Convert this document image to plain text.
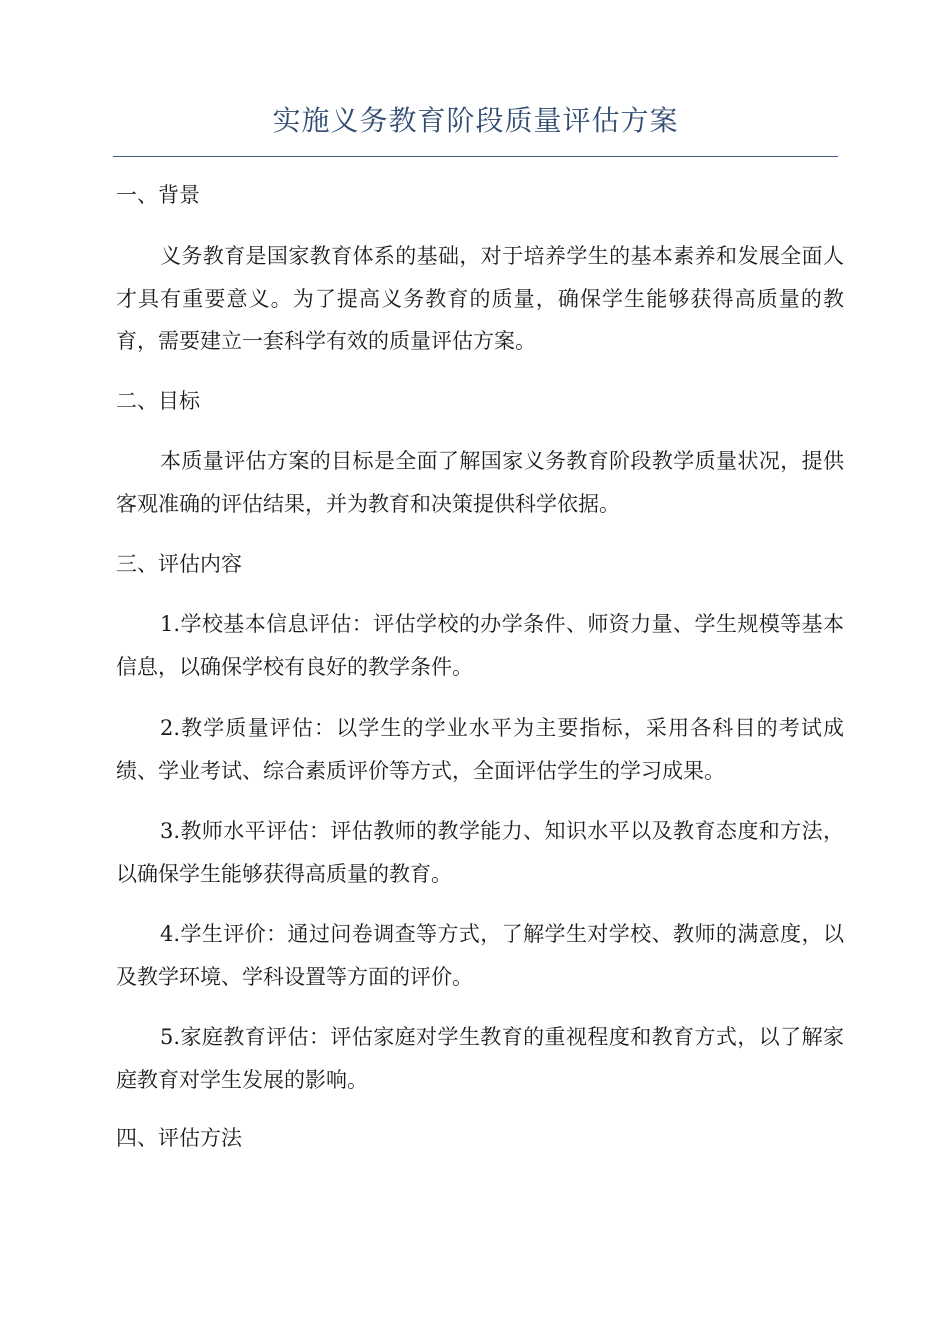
实施义务教育阶段质量评估方案
一、背景

义务教育是国家教育体系的基础，对于培养学生的基本素养和发展全面人才具有重要意义。为了提高义务教育的质量，确保学生能够获得高质量的教育，需要建立一套科学有效的质量评估方案。

二、目标

本质量评估方案的目标是全面了解国家义务教育阶段教学质量状况，提供客观准确的评估结果，并为教育和决策提供科学依据。

三、评估内容

1.学校基本信息评估：评估学校的办学条件、师资力量、学生规模等基本信息，以确保学校有良好的教学条件。

2.教学质量评估：以学生的学业水平为主要指标，采用各科目的考试成绩、学业考试、综合素质评价等方式，全面评估学生的学习成果。

3.教师水平评估：评估教师的教学能力、知识水平以及教育态度和方法，以确保学生能够获得高质量的教育。

4.学生评价：通过问卷调查等方式，了解学生对学校、教师的满意度，以及教学环境、学科设置等方面的评价。

5.家庭教育评估：评估家庭对学生教育的重视程度和教育方式，以了解家庭教育对学生发展的影响。

四、评估方法
